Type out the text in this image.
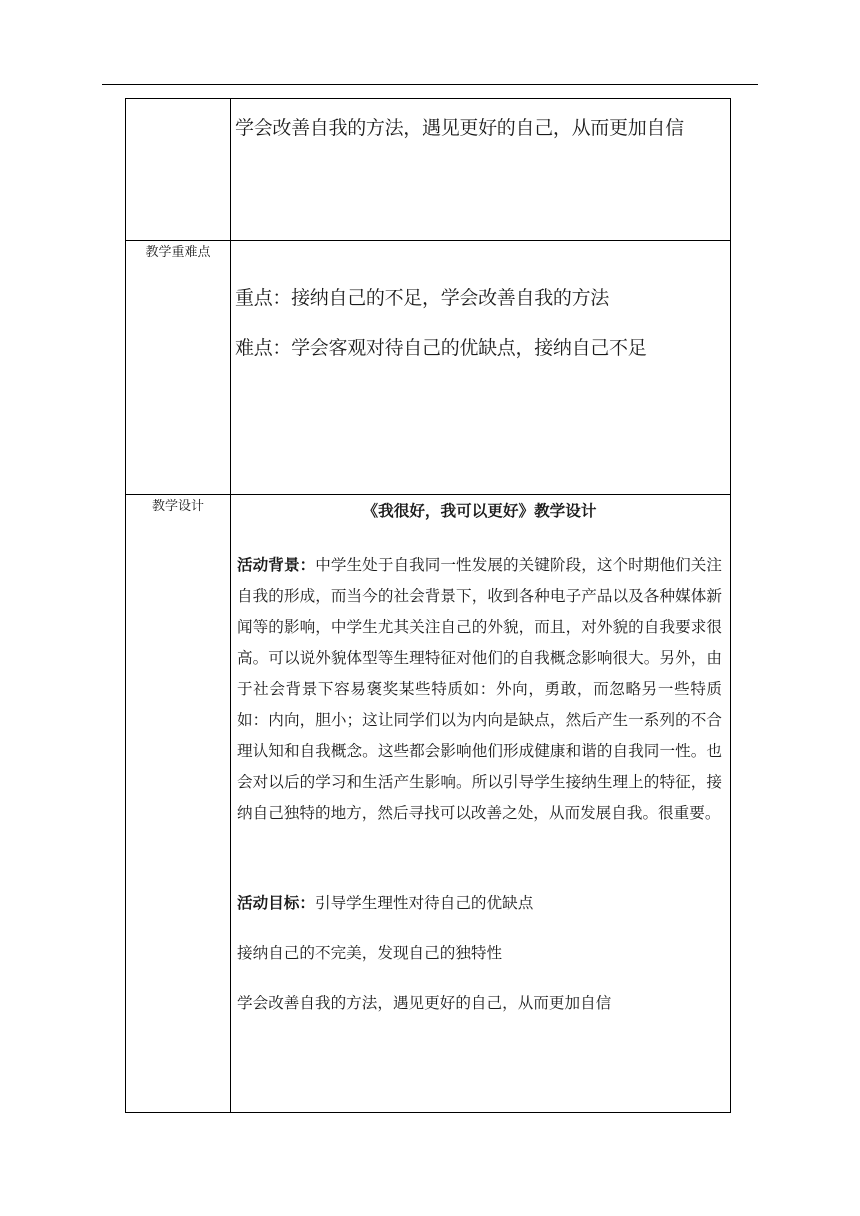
	学会改善自我的方法，遇见更好的自己，从而更加自信

教学重难点	重点：接纳自己的不足，学会改善自我的方法
难点：学会客观对待自己的优缺点，接纳自己不足

教学设计	《我很好，我可以更好》教学设计
活动背景：中学生处于自我同一性发展的关键阶段，这个时期他们关注自我的形成，而当今的社会背景下，收到各种电子产品以及各种媒体新闻等的影响，中学生尤其关注自己的外貌，而且，对外貌的自我要求很高。可以说外貌体型等生理特征对他们的自我概念影响很大。另外，由于社会背景下容易褒奖某些特质如：外向，勇敢，而忽略另一些特质如：内向，胆小；这让同学们以为内向是缺点，然后产生一系列的不合理认知和自我概念。这些都会影响他们形成健康和谐的自我同一性。也会对以后的学习和生活产生影响。所以引导学生接纳生理上的特征，接纳自己独特的地方，然后寻找可以改善之处，从而发展自我。很重要。
活动目标：引导学生理性对待自己的优缺点
接纳自己的不完美，发现自己的独特性
学会改善自我的方法，遇见更好的自己，从而更加自信
